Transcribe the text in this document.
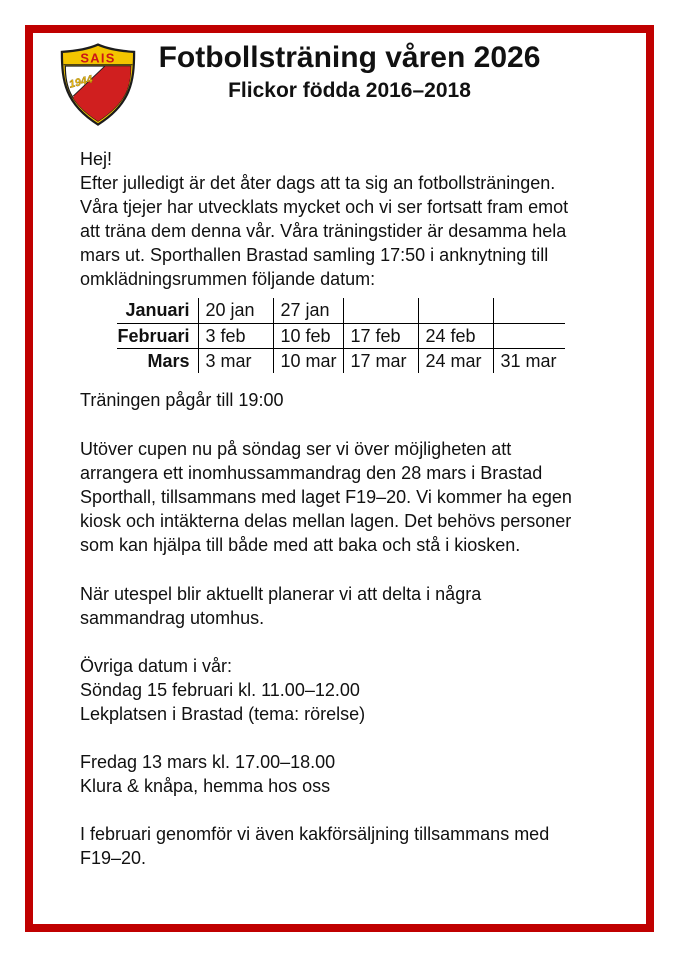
SAIS
1944
Fotbollsträning våren 2026
Flickor födda 2016–2018
Hej!
Efter julledigt är det åter dags att ta sig an fotbollsträningen.
Våra tjejer har utvecklats mycket och vi ser fortsatt fram emot
att träna dem denna vår. Våra träningstider är desamma hela
mars ut. Sporthallen Brastad samling 17:50 i anknytning till
omklädningsrummen följande datum:
Januari	20 jan	27 jan			
Februari	3 feb	10 feb	17 feb	24 feb	
Mars	3 mar	10 mar	17 mar	24 mar	31 mar
Träningen pågår till 19:00
Utöver cupen nu på söndag ser vi över möjligheten att
arrangera ett inomhussammandrag den 28 mars i Brastad
Sporthall, tillsammans med laget F19–20. Vi kommer ha egen
kiosk och intäkterna delas mellan lagen. Det behövs personer
som kan hjälpa till både med att baka och stå i kiosken.
När utespel blir aktuellt planerar vi att delta i några
sammandrag utomhus.
Övriga datum i vår:
Söndag 15 februari kl. 11.00–12.00
Lekplatsen i Brastad (tema: rörelse)
Fredag 13 mars kl. 17.00–18.00
Klura & knåpa, hemma hos oss
I februari genomför vi även kakförsäljning tillsammans med
F19–20.
